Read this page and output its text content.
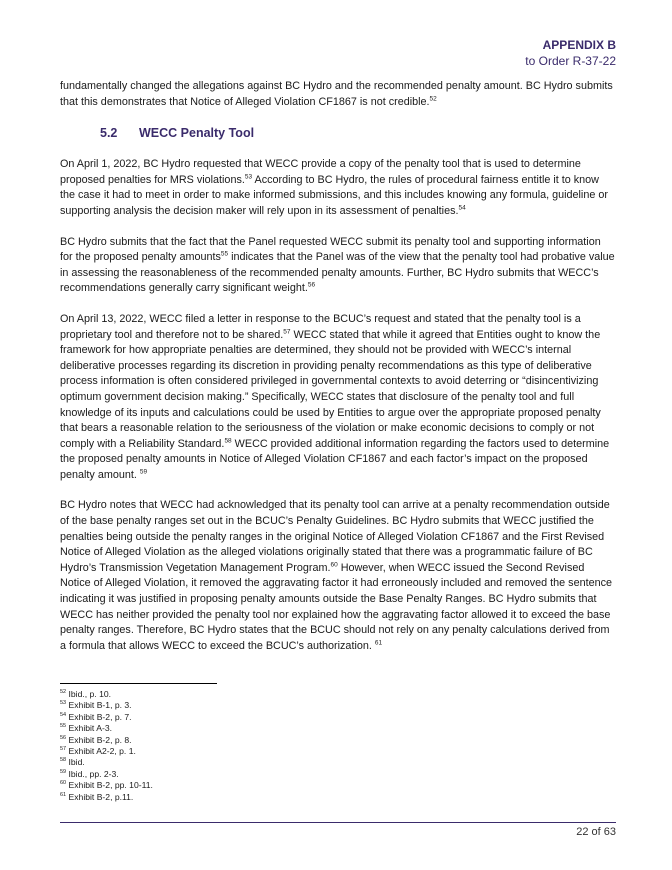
APPENDIX B
to Order R-37-22

fundamentally changed the allegations against BC Hydro and the recommended penalty amount. BC Hydro submits that this demonstrates that Notice of Alleged Violation CF1867 is not credible.$^{52}$

5.2 WECC Penalty Tool

On April 1, 2022, BC Hydro requested that WECC provide a copy of the penalty tool that is used to determine proposed penalties for MRS violations.$^{53}$ According to BC Hydro, the rules of procedural fairness entitle it to know the case it had to meet in order to make informed submissions, and this includes knowing any formula, guideline or supporting analysis the decision maker will rely upon in its assessment of penalties.$^{54}$

BC Hydro submits that the fact that the Panel requested WECC submit its penalty tool and supporting information for the proposed penalty amounts$^{55}$ indicates that the Panel was of the view that the penalty tool had probative value in assessing the reasonableness of the recommended penalty amounts. Further, BC Hydro submits that WECC’s recommendations generally carry significant weight.$^{56}$

On April 13, 2022, WECC filed a letter in response to the BCUC’s request and stated that the penalty tool is a proprietary tool and therefore not to be shared.$^{57}$ WECC stated that while it agreed that Entities ought to know the framework for how appropriate penalties are determined, they should not be provided with WECC’s internal deliberative processes regarding its discretion in providing penalty recommendations as this type of deliberative process information is often considered privileged in governmental contexts to avoid deterring or “disincentivizing optimum government decision making.” Specifically, WECC states that disclosure of the penalty tool and full knowledge of its inputs and calculations could be used by Entities to argue over the appropriate proposed penalty that bears a reasonable relation to the seriousness of the violation or make economic decisions to comply or not comply with a Reliability Standard.$^{58}$ WECC provided additional information regarding the factors used to determine the proposed penalty amounts in Notice of Alleged Violation CF1867 and each factor’s impact on the proposed penalty amount. $^{59}$

BC Hydro notes that WECC had acknowledged that its penalty tool can arrive at a penalty recommendation outside of the base penalty ranges set out in the BCUC’s Penalty Guidelines. BC Hydro submits that WECC justified the penalties being outside the penalty ranges in the original Notice of Alleged Violation CF1867 and the First Revised Notice of Alleged Violation as the alleged violations originally stated that there was a programmatic failure of BC Hydro’s Transmission Vegetation Management Program.$^{60}$ However, when WECC issued the Second Revised Notice of Alleged Violation, it removed the aggravating factor it had erroneously included and removed the sentence indicating it was justified in proposing penalty amounts outside the Base Penalty Ranges. BC Hydro submits that WECC has neither provided the penalty tool nor explained how the aggravating factor allowed it to exceed the base penalty ranges. Therefore, BC Hydro states that the BCUC should not rely on any penalty calculations derived from a formula that allows WECC to exceed the BCUC’s authorization. $^{61}$

$^{52}$ Ibid., p. 10.
$^{53}$ Exhibit B-1, p. 3.
$^{54}$ Exhibit B-2, p. 7.
$^{55}$ Exhibit A-3.
$^{56}$ Exhibit B-2, p. 8.
$^{57}$ Exhibit A2-2, p. 1.
$^{58}$ Ibid.
$^{59}$ Ibid., pp. 2-3.
$^{60}$ Exhibit B-2, pp. 10-11.
$^{61}$ Exhibit B-2, p.11.
22 of 63
